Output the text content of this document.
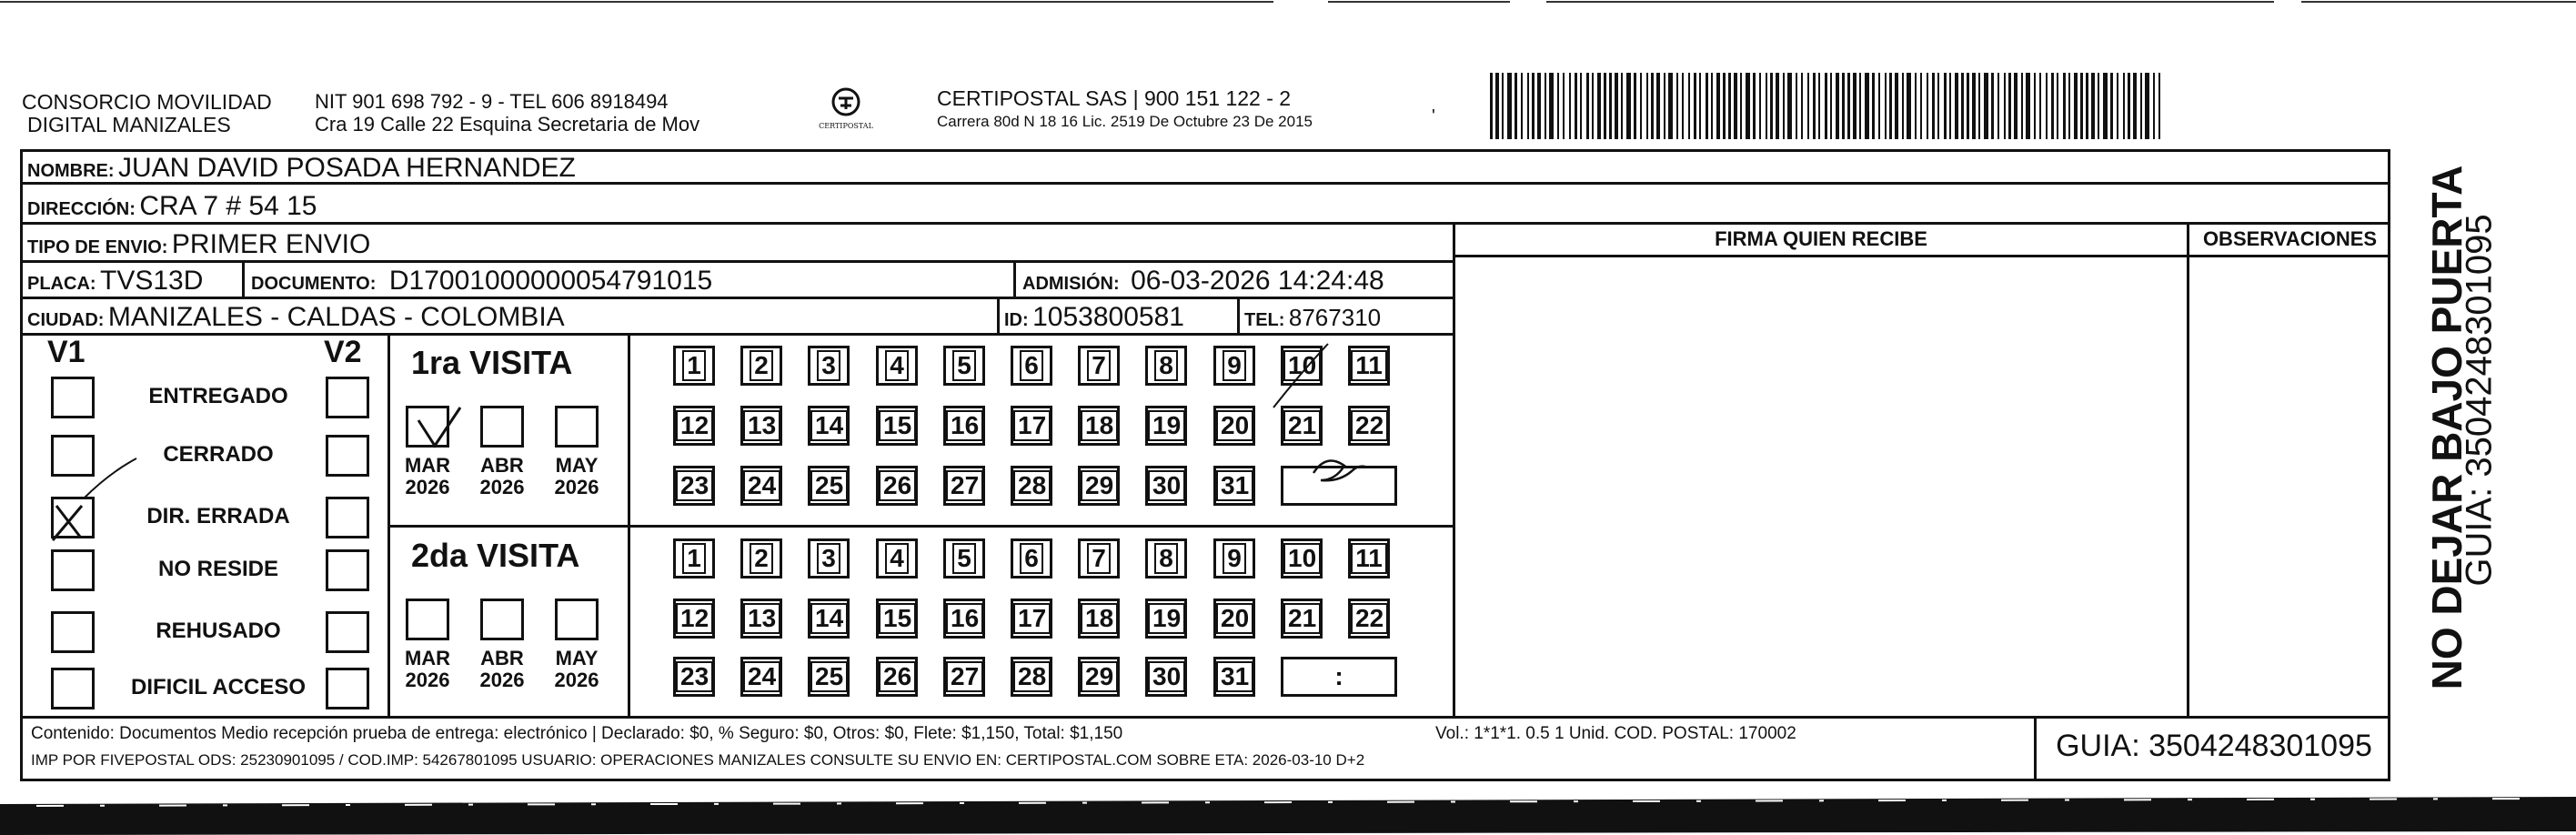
CONSORCIO MOVILIDAD
DIGITAL MANIZALES
NIT 901 698 792 - 9 - TEL 606 8918494
Cra 19 Calle 22 Esquina Secretaria de Mov	CERTIPOSTAL
CERTIPOSTAL SAS | 900 151 122 - 2
Carrera 80d N 18 16 Lic. 2519 De Octubre 23 De 2015	'
NOMBRE: JUAN DAVID POSADA HERNANDEZ
DIRECCIÓN: CRA 7 # 54 15
TIPO DE ENVIO: PRIMER ENVIO
PLACA: TVS13D	DOCUMENTO: D17001000000054791015	ADMISIÓN: 06-03-2026 14:24:48
CIUDAD: MANIZALES - CALDAS - COLOMBIA	ID: 1053800581	TEL: 8767310
FIRMA QUIEN RECIBE	OBSERVACIONES
V1	V2
ENTREGADO
CERRADO
DIR. ERRADA
NO RESIDE
REHUSADO
DIFICIL ACCESO
1ra VISITA
2da VISITA
MAR
2026
ABR
2026
MAY
2026
MAR
2026
ABR
2026
MAY
2026
1	2	3	4	5	6	7	8	9	10 11
12 13 14 15 16 17 18 19 20 21 22
23 24 25 26 27 28 29 30 31
1	2	3	4	5	6	7	8	9	10 11
12 13 14 15 16 17 18 19 20 21 22
23 24 25 26 27 28 29 30 31	:
Contenido: Documentos Medio recepción prueba de entrega: electrónico | Declarado: $0, % Seguro: $0, Otros: $0, Flete: $1,150, Total: $1,150	Vol.: 1*1*1. 0.5 1 Unid. COD. POSTAL: 170002
IMP POR FIVEPOSTAL ODS: 25230901095 / COD.IMP: 54267801095 USUARIO: OPERACIONES MANIZALES CONSULTE SU ENVIO EN: CERTIPOSTAL.COM SOBRE ETA: 2026-03-10 D+2	GUIA: 3504248301095
NO DEJAR BAJO PUERTA
GUIA: 3504248301095
